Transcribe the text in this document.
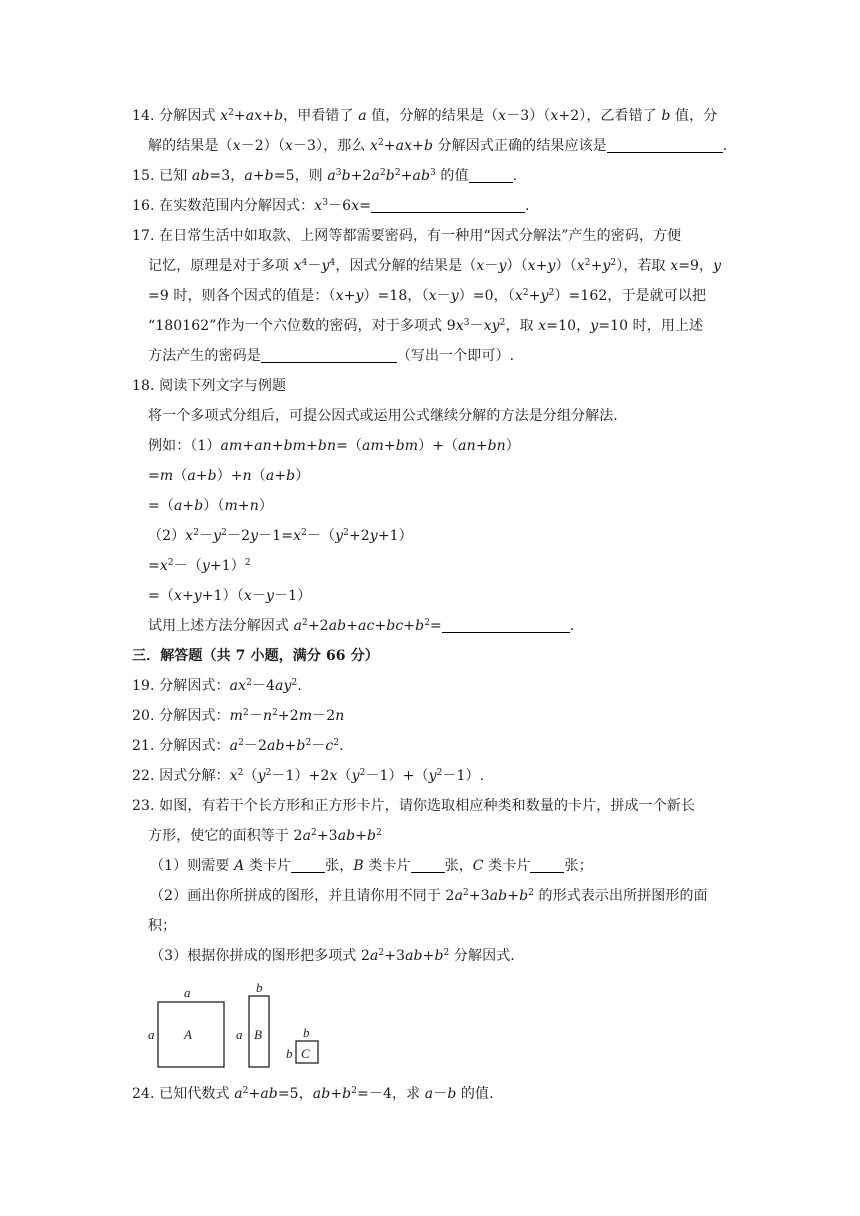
14. 分解因式 $x^2+ax+b$，甲看错了 a 值，分解的结果是（x－3）（x+2），乙看错了 b 值，分
解的结果是（x－2）（x－3），那么 $x^2+ax+b$ 分解因式正确的结果应该是	.
15. 已知 ab=3，a+b=5，则 $a^3b+2a^2b^2+ab^3$ 的值	.
16. 在实数范围内分解因式：$x^3-6x=$	.
17. 在日常生活中如取款、上网等都需要密码，有一种用“因式分解法”产生的密码，方便
记忆，原理是对于多项 $x^4-y^4$，因式分解的结果是$(x-y)(x+y)(x^2+y^2)$，若取 x=9，y
=9 时，则各个因式的值是：（x+y）=18，（x－y）=0，$(x^2+y^2)=162$，于是就可以把
“180162”作为一个六位数的密码，对于多项式 $9x^3-xy^2$，取 x=10，y=10 时，用上述
方法产生的密码是	（写出一个即可）.
18. 阅读下列文字与例题
将一个多项式分组后，可提公因式或运用公式继续分解的方法是分组分解法.
例如：（1）am+an+bm+bn=（am+bm）+（an+bn）
=m（a+b）+n（a+b）
=（a+b）（m+n）
$(2)x^2-y^2-2y-1=x^2-(y^2+2y+1)$
$=x^2-(y+1)^2$
=（x+y+1）（x－y－1）
试用上述方法分解因式 $a^2+2ab+ac+bc+b^2=$	.
三．解答题（共 7 小题，满分 66 分）
19. 分解因式：$ax^2-4ay^2$.
20. 分解因式：$m^2-n^2+2m-2n$
21. 分解因式：$a^2-2ab+b^2-c^2$.
22. 因式分解：$x^2(y^2-1)+2x(y^2-1)+(y^2-1)$.
23. 如图，有若干个长方形和正方形卡片，请你选取相应种类和数量的卡片，拼成一个新长
方形，使它的面积等于 $2a^2+3ab+b^2$
（1）则需要 A 类卡片 张，B 类卡片 张，C 类卡片 张；
（2）画出你所拼成的图形，并且请你用不同于 $2a^2+3ab+b^2$ 的形式表示出所拼图形的面
积；
（3）根据你拼成的图形把多项式 $2a^2+3ab+b^2$ 分解因式.
a
a A
b
a B	b
b C
24. 已知代数式 $a^2+ab=5$，$ab+b^2=-4$，求 a－b 的值.
